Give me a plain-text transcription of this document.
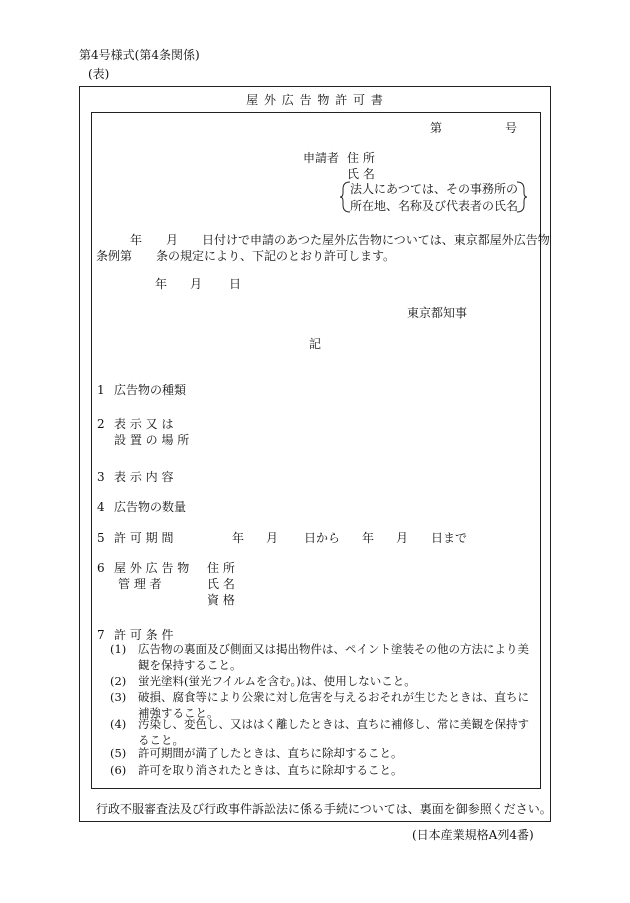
第4号様式(第4条関係)
(表)
屋 外 広 告 物 許 可 書
第	号
申請者 住 所
氏 名
法人にあつては、その事務所の
所在地、名称及び代表者の氏名
年　　月　　日付けで申請のあつた屋外広告物については、東京都屋外広告物
条例第　　条の規定により、下記のとおり許可します。
年 月 日
東京都知事
記
1 広告物の種類
2 表 示 又 は
設 置 の 場 所
3 表 示 内 容
4 広告物の数量
5 許 可 期 間	年 月 日から 年 月 日まで
6 屋 外 広 告 物
管 理 者
住 所
氏 名
資 格
7 許 可 条 件
(1) 広告物の裏面及び側面又は掲出物件は、ペイント塗装その他の方法により美観を保持すること。
(2) 蛍光塗料(蛍光フイルムを含む。)は、使用しないこと。
(3) 破損、腐食等により公衆に対し危害を与えるおそれが生じたときは、直ちに補強すること。
(4) 汚染し、変色し、又ははく離したときは、直ちに補修し、常に美観を保持すること。
(5) 許可期間が満了したときは、直ちに除却すること。
(6) 許可を取り消されたときは、直ちに除却すること。
行政不服審査法及び行政事件訴訟法に係る手続については、裏面を御参照ください。
(日本産業規格A列4番)
